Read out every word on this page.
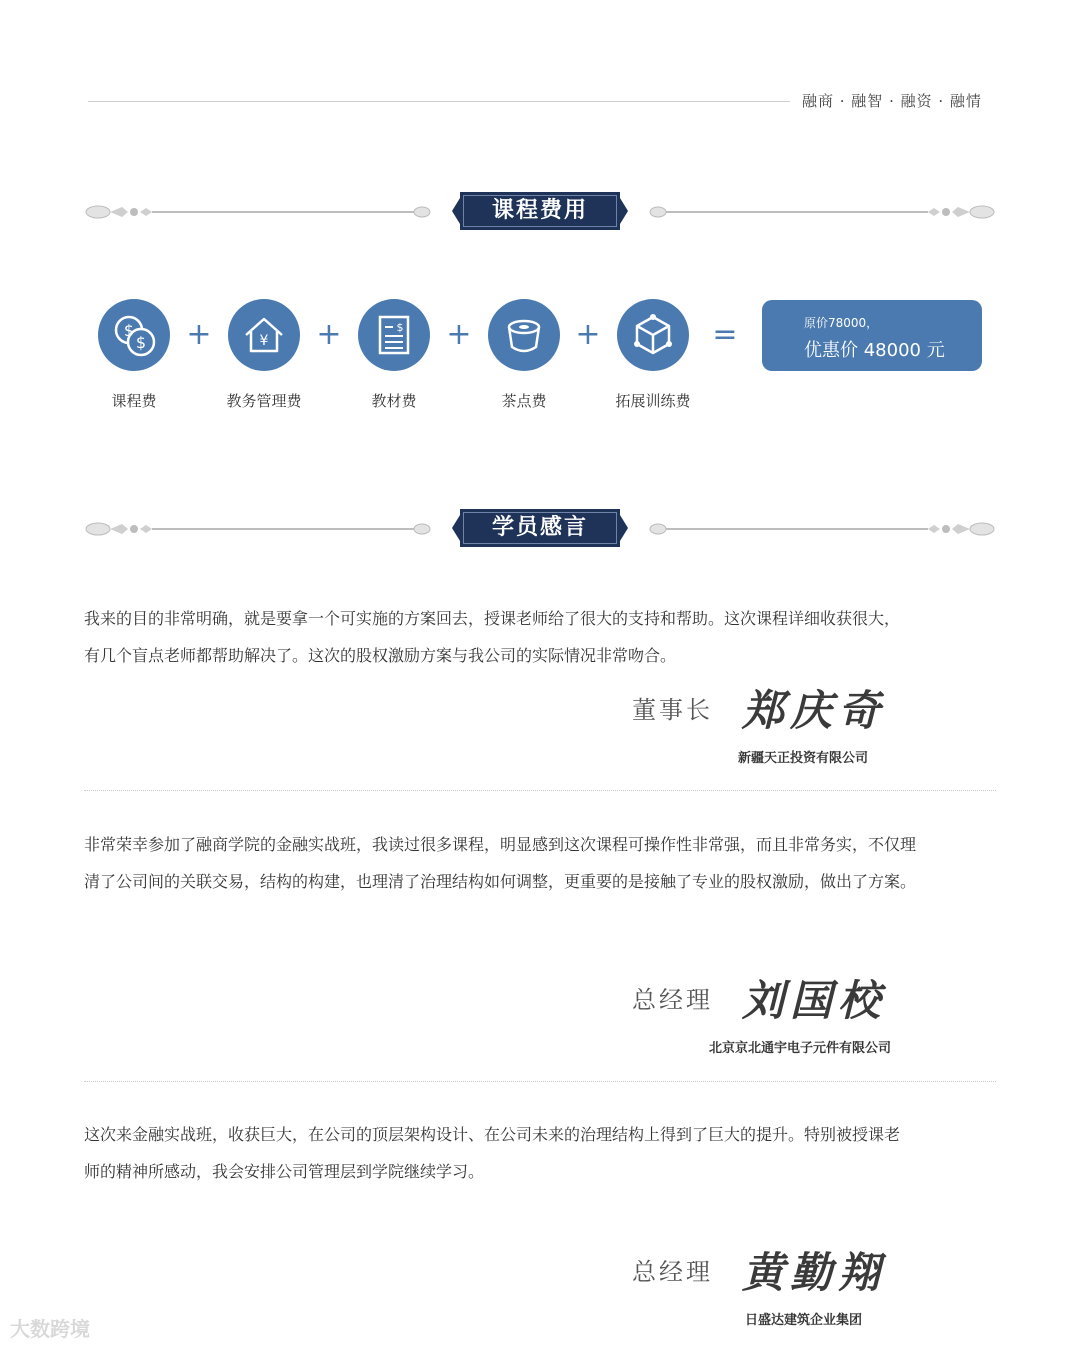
融商 · 融智 · 融资 · 融情
课程费用
$
$ +	¥ +	$ +	+	=	原价78000，
优惠价 48000 元
课程费	教务管理费	教材费	茶点费	拓展训练费
学员感言
我来的目的非常明确，就是要拿一个可实施的方案回去，授课老师给了很大的支持和帮助。这次课程详细收获很大，
有几个盲点老师都帮助解决了。这次的股权激励方案与我公司的实际情况非常吻合。
董事长 郑庆奇
新疆天正投资有限公司
非常荣幸参加了融商学院的金融实战班，我读过很多课程，明显感到这次课程可操作性非常强，而且非常务实，不仅理
清了公司间的关联交易，结构的构建，也理清了治理结构如何调整，更重要的是接触了专业的股权激励，做出了方案。
总经理 刘国校
北京京北通宇电子元件有限公司
这次来金融实战班，收获巨大，在公司的顶层架构设计、在公司未来的治理结构上得到了巨大的提升。特别被授课老
师的精神所感动，我会安排公司管理层到学院继续学习。
总经理 黄勤翔
日盛达建筑企业集团
大数跨境
